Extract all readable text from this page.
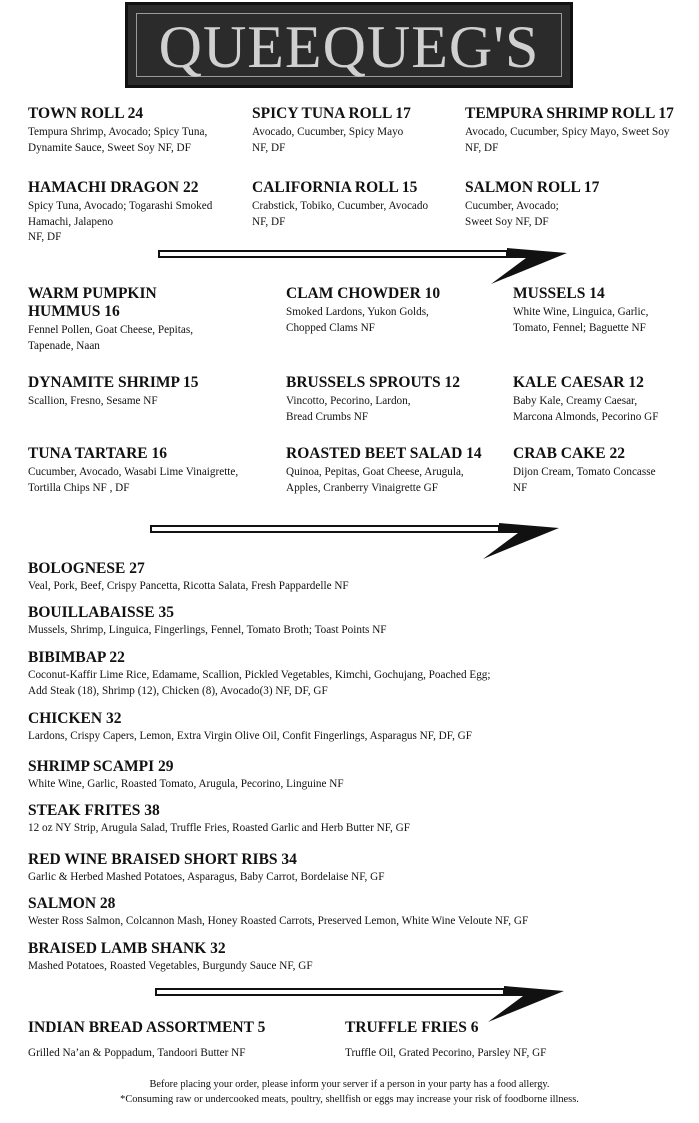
QUEEQUEG'S
TOWN ROLL 24
Tempura Shrimp, Avocado; Spicy Tuna,
Dynamite Sauce, Sweet Soy NF, DF
SPICY TUNA ROLL 17
Avocado, Cucumber, Spicy Mayo
NF, DF
TEMPURA SHRIMP ROLL 17
Avocado, Cucumber, Spicy Mayo, Sweet Soy
NF, DF
HAMACHI DRAGON 22
Spicy Tuna, Avocado; Togarashi Smoked
Hamachi, Jalapeno
NF, DF
CALIFORNIA ROLL 15
Crabstick, Tobiko, Cucumber, Avocado
NF, DF
SALMON ROLL 17
Cucumber, Avocado;
Sweet Soy NF, DF
WARM PUMPKIN
HUMMUS 16
Fennel Pollen, Goat Cheese, Pepitas,
Tapenade, Naan
CLAM CHOWDER 10
Smoked Lardons, Yukon Golds,
Chopped Clams NF
MUSSELS 14
White Wine, Linguica, Garlic,
Tomato, Fennel; Baguette NF
DYNAMITE SHRIMP 15
Scallion, Fresno, Sesame NF
BRUSSELS SPROUTS 12
Vincotto, Pecorino, Lardon,
Bread Crumbs NF
KALE CAESAR 12
Baby Kale, Creamy Caesar,
Marcona Almonds, Pecorino GF
TUNA TARTARE 16
Cucumber, Avocado, Wasabi Lime Vinaigrette,
Tortilla Chips NF , DF
ROASTED BEET SALAD 14
Quinoa, Pepitas, Goat Cheese, Arugula,
Apples, Cranberry Vinaigrette GF
CRAB CAKE 22
Dijon Cream, Tomato Concasse
NF
BOLOGNESE 27
Veal, Pork, Beef, Crispy Pancetta, Ricotta Salata, Fresh Pappardelle NF
BOUILLABAISSE 35
Mussels, Shrimp, Linguica, Fingerlings, Fennel, Tomato Broth; Toast Points NF
BIBIMBAP 22
Coconut-Kaffir Lime Rice, Edamame, Scallion, Pickled Vegetables, Kimchi, Gochujang, Poached Egg;
Add Steak (18), Shrimp (12), Chicken (8), Avocado(3) NF, DF, GF
CHICKEN 32
Lardons, Crispy Capers, Lemon, Extra Virgin Olive Oil, Confit Fingerlings, Asparagus NF, DF, GF
SHRIMP SCAMPI 29
White Wine, Garlic, Roasted Tomato, Arugula, Pecorino, Linguine NF
STEAK FRITES 38
12 oz NY Strip, Arugula Salad, Truffle Fries, Roasted Garlic and Herb Butter NF, GF
RED WINE BRAISED SHORT RIBS 34
Garlic & Herbed Mashed Potatoes, Asparagus, Baby Carrot, Bordelaise NF, GF
SALMON 28
Wester Ross Salmon, Colcannon Mash, Honey Roasted Carrots, Preserved Lemon, White Wine Veloute NF, GF
BRAISED LAMB SHANK 32
Mashed Potatoes, Roasted Vegetables, Burgundy Sauce NF, GF
INDIAN BREAD ASSORTMENT 5
Grilled Na’an & Poppadum, Tandoori Butter NF
TRUFFLE FRIES 6
Truffle Oil, Grated Pecorino, Parsley NF, GF
Before placing your order, please inform your server if a person in your party has a food allergy.
*Consuming raw or undercooked meats, poultry, shellfish or eggs may increase your risk of foodborne illness.
